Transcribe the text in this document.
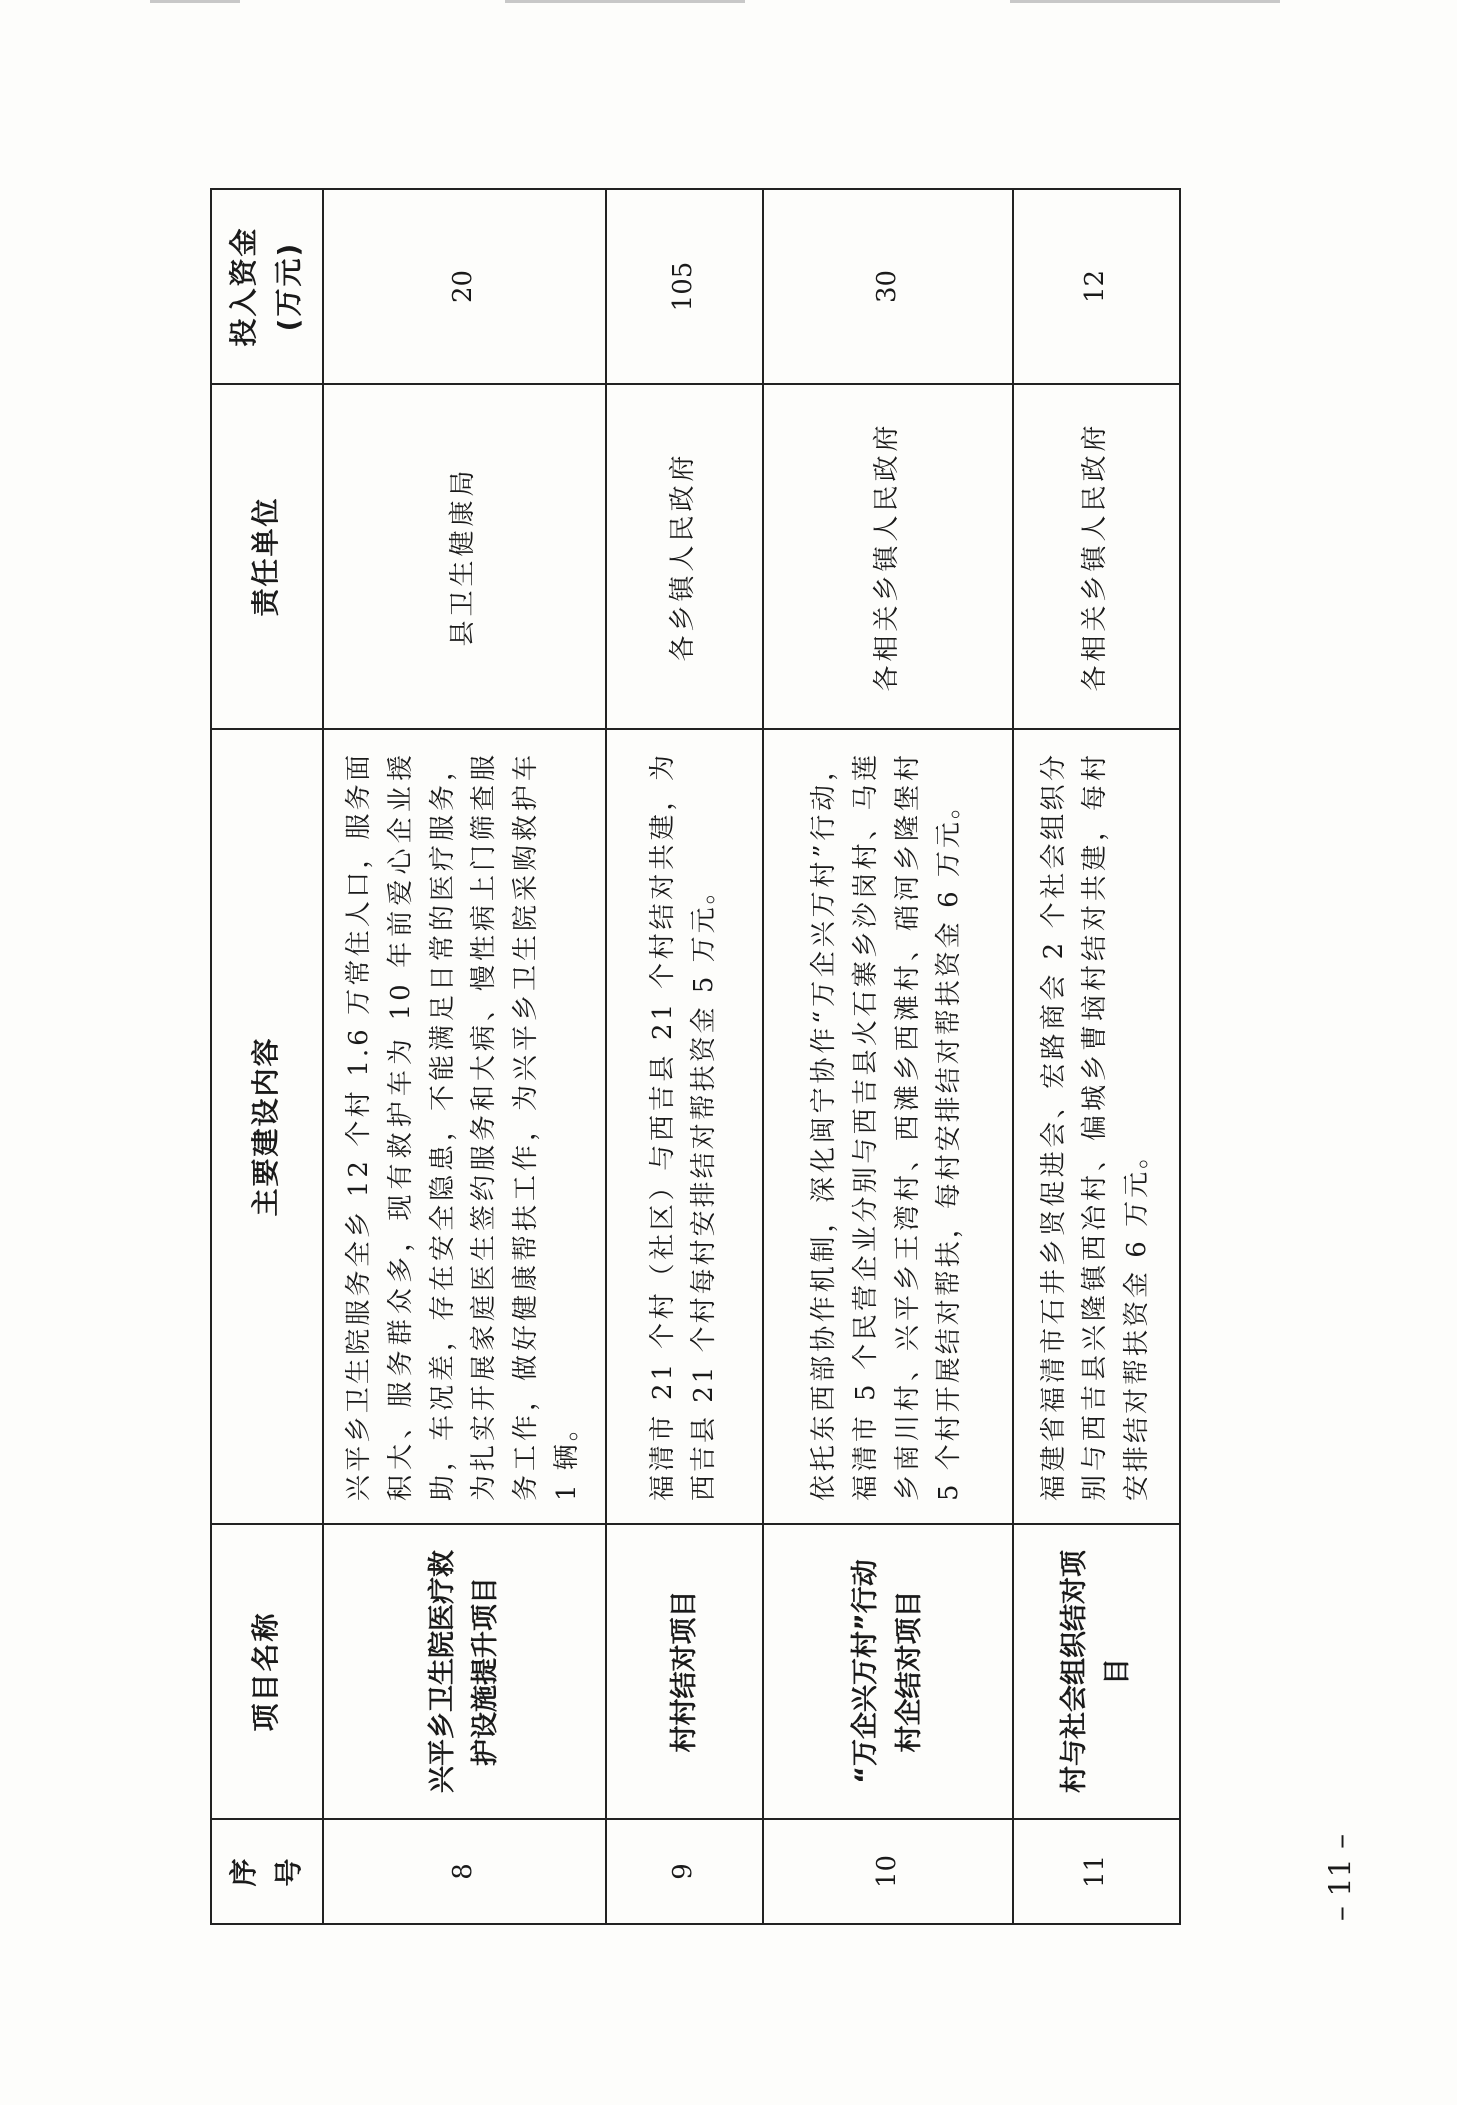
序号	项目名称	主要建设内容	责任单位	投入资金 (万元)

8	兴平乡卫生院医疗救护设施提升项目	兴平乡卫生院服务全乡 12 个村 1.6 万常住人口，服务面积大、服务群众多，现有救护车为 10 年前爱心企业援助，车况差，存在安全隐患，不能满足日常的医疗服务，为扎实开展家庭医生签约服务和大病、慢性病上门筛查服务工作，做好健康帮扶工作，为兴平乡卫生院采购救护车 1 辆。	县卫生健康局	20
9	村村结对项目	福清市 21 个村（社区）与西吉县 21 个村结对共建，为西吉县 21 个村每村安排结对帮扶资金 5 万元。	各乡镇人民政府	105
10	“万企兴万村”行动村企结对项目	依托东西部协作机制，深化闽宁协作“万企兴万村”行动，福清市 5 个民营企业分别与西吉县火石寨乡沙岗村、马莲乡南川村、兴平乡王湾村、西滩乡西滩村、硝河乡隆堡村 5 个村开展结对帮扶，每村安排结对帮扶资金 6 万元。	各相关乡镇人民政府	30
11	村与社会组织结对项目	福建省福清市石井乡贤促进会、宏路商会 2 个社会组织分别与西吉县兴隆镇西冶村、偏城乡曹垴村结对共建，每村安排结对帮扶资金 6 万元。	各相关乡镇人民政府	12
– 11 –
